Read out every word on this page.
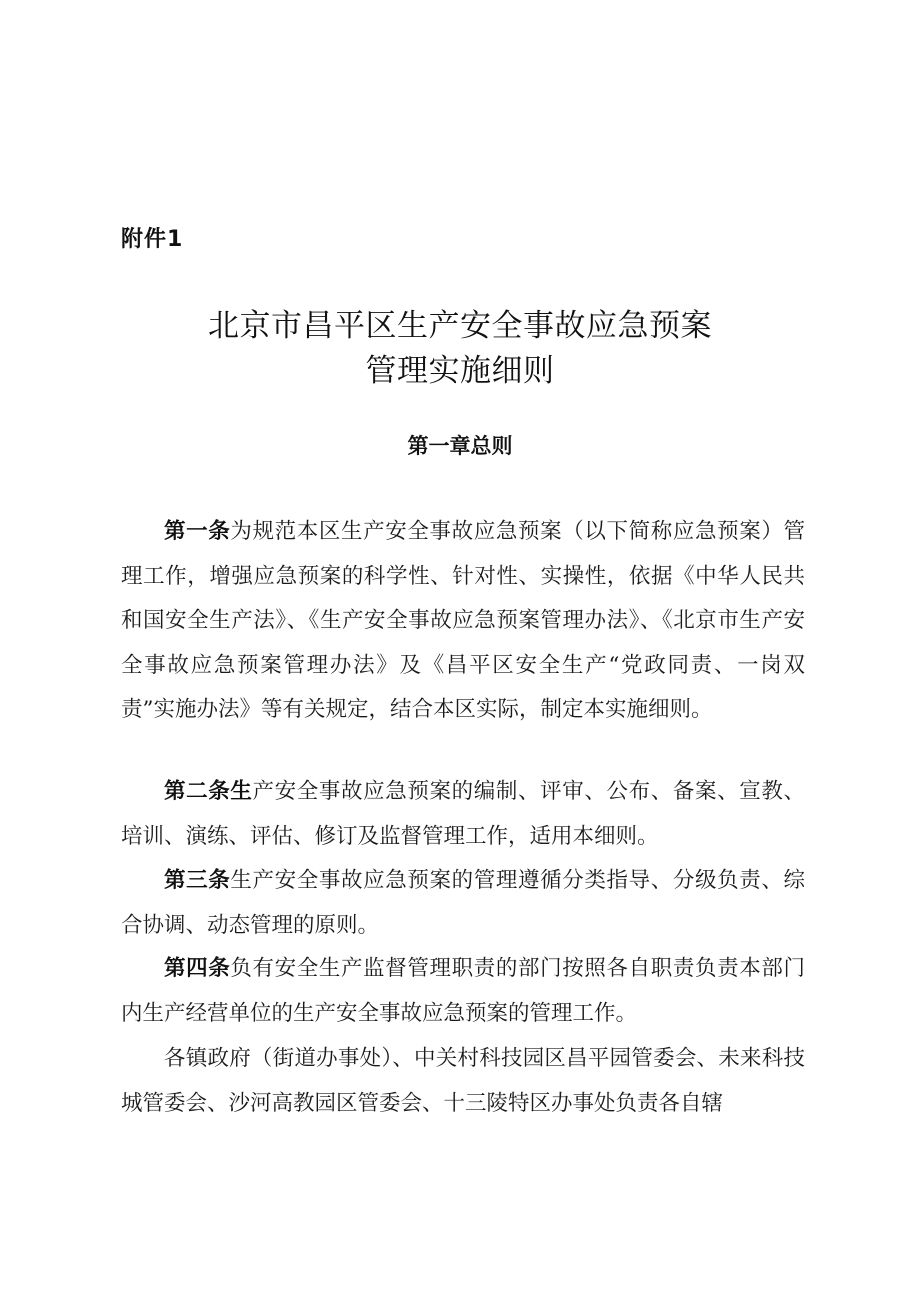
附件1

北京市昌平区生产安全事故应急预案
管理实施细则
第一章总则

第一条为规范本区生产安全事故应急预案（以下简称应急预案）管理工作，增强应急预案的科学性、针对性、实操性，依据《中华人民共和国安全生产法》、《生产安全事故应急预案管理办法》、《北京市生产安全事故应急预案管理办法》及《昌平区安全生产“党政同责、一岗双责”实施办法》等有关规定，结合本区实际，制定本实施细则。

第二条生产安全事故应急预案的编制、评审、公布、备案、宣教、培训、演练、评估、修订及监督管理工作，适用本细则。

第三条生产安全事故应急预案的管理遵循分类指导、分级负责、综合协调、动态管理的原则。

第四条负有安全生产监督管理职责的部门按照各自职责负责本部门内生产经营单位的生产安全事故应急预案的管理工作。

各镇政府（街道办事处）、中关村科技园区昌平园管委会、未来科技城管委会、沙河高教园区管委会、十三陵特区办事处负责各自辖
